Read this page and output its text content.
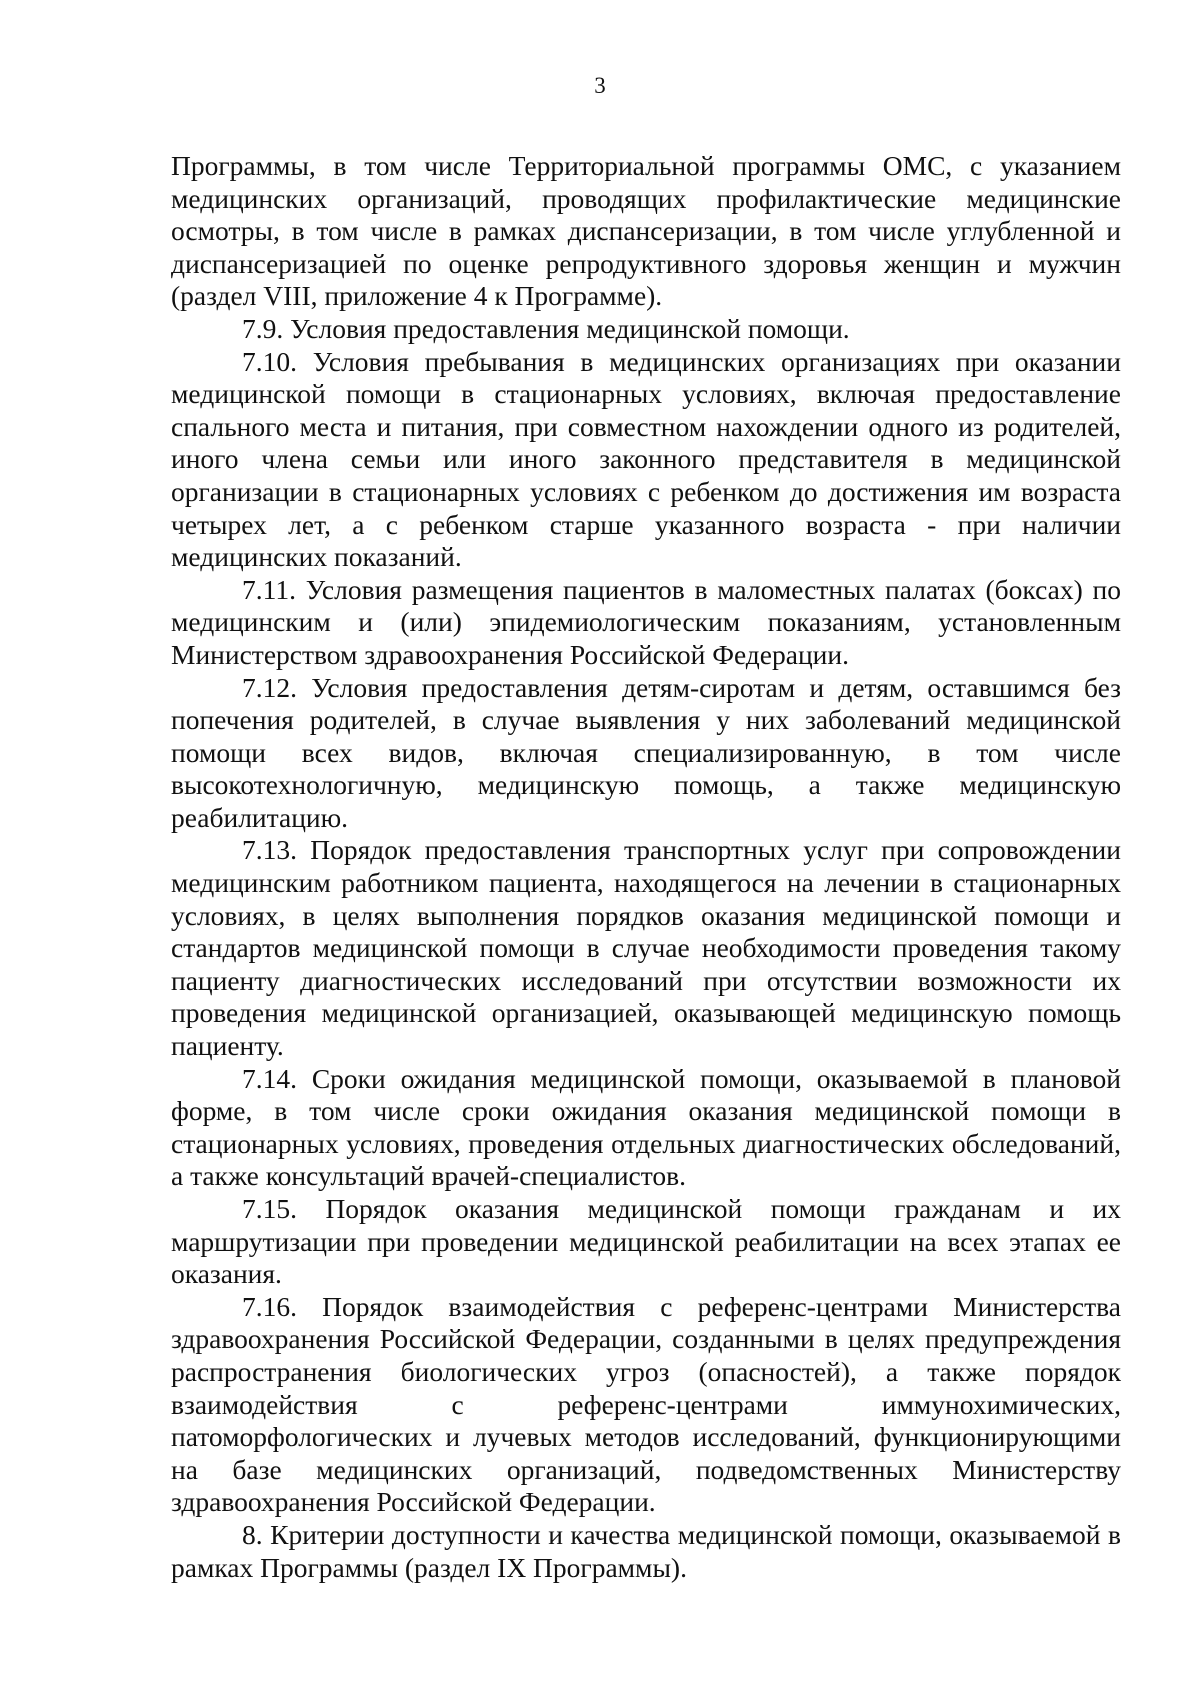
3

Программы, в том числе Территориальной программы ОМС, с указанием медицинских организаций, проводящих профилактические медицинские осмотры, в том числе в рамках диспансеризации, в том числе углубленной и диспансеризацией по оценке репродуктивного здоровья женщин и мужчин (раздел VIII, приложение 4 к Программе).

7.9. Условия предоставления медицинской помощи.

7.10. Условия пребывания в медицинских организациях при оказании медицинской помощи в стационарных условиях, включая предоставление спального места и питания, при совместном нахождении одного из родителей, иного члена семьи или иного законного представителя в медицинской организации в стационарных условиях с ребенком до достижения им возраста четырех лет, а с ребенком старше указанного возраста - при наличии медицинских показаний.

7.11. Условия размещения пациентов в маломестных палатах (боксах) по медицинским и (или) эпидемиологическим показаниям, установленным Министерством здравоохранения Российской Федерации.

7.12. Условия предоставления детям-сиротам и детям, оставшимся без попечения родителей, в случае выявления у них заболеваний медицинской помощи всех видов, включая специализированную, в том числе высокотехнологичную, медицинскую помощь, а также медицинскую реабилитацию.

7.13. Порядок предоставления транспортных услуг при сопровождении медицинским работником пациента, находящегося на лечении в стационарных условиях, в целях выполнения порядков оказания медицинской помощи и стандартов медицинской помощи в случае необходимости проведения такому пациенту диагностических исследований при отсутствии возможности их проведения медицинской организацией, оказывающей медицинскую помощь пациенту.

7.14. Сроки ожидания медицинской помощи, оказываемой в плановой форме, в том числе сроки ожидания оказания медицинской помощи в стационарных условиях, проведения отдельных диагностических обследований, а также консультаций врачей-специалистов.

7.15. Порядок оказания медицинской помощи гражданам и их маршрутизации при проведении медицинской реабилитации на всех этапах ее оказания.

7.16. Порядок взаимодействия с референс-центрами Министерства здравоохранения Российской Федерации, созданными в целях предупреждения распространения биологических угроз (опасностей), а также порядок взаимодействия с референс-центрами иммунохимических, патоморфологических и лучевых методов исследований, функционирующими на базе медицинских организаций, подведомственных Министерству здравоохранения Российской Федерации.

8. Критерии доступности и качества медицинской помощи, оказываемой в рамках Программы (раздел IX Программы).
